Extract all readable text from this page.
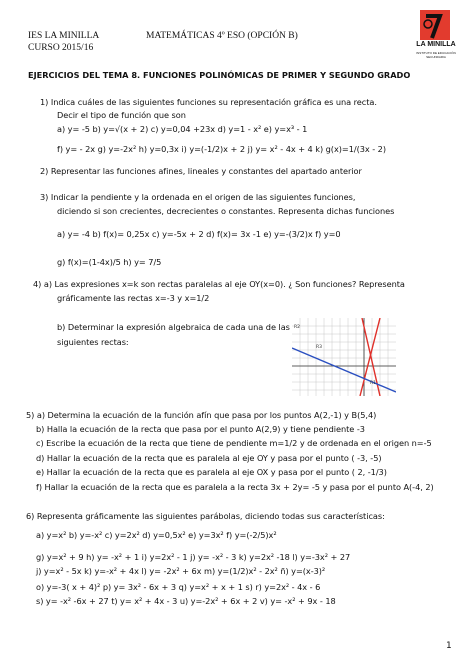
IES LA MINILLA
CURSO 2015/16
MATEMÁTICAS 4º ESO (OPCIÓN B)
LA MINILLA
INSTITUTO DE EDUCACIÓN SECUNDARIA
EJERCICIOS DEL TEMA 8. FUNCIONES POLINÓMICAS DE PRIMER Y SEGUNDO GRADO
1) Indica cuáles de las siguientes funciones su representación gráfica es una recta.
Decir el tipo de función que son
a) y= -5 b) y=√(x + 2) c) y=0,04 +23x d) y=1 - x² e) y=x³ - 1
f) y= - 2x g) y=-2x² h) y=0,3x i) y=(-1/2)x + 2 j) y= x² - 4x + 4 k) g(x)=1/(3x - 2)
2) Representar las funciones afines, lineales y constantes del apartado anterior
3) Indicar la pendiente y la ordenada en el origen de las siguientes funciones,
diciendo si son crecientes, decrecientes o constantes. Representa dichas funciones
a) y= -4 b) f(x)= 0,25x c) y=-5x + 2 d) f(x)= 3x -1 e) y=-(3/2)x f) y=0
g) f(x)=(1-4x)/5 h) y= 7/5
4) a) Las expresiones x=k son rectas paralelas al eje OY(x=0). ¿ Son funciones? Representa
gráficamente las rectas x=-3 y x=1/2
b) Determinar la expresión algebraica de cada una de las
siguientes rectas:
R2
R3
R1
5) a) Determina la ecuación de la función afín que pasa por los puntos A(2,-1) y B(5,4)
b) Halla la ecuación de la recta que pasa por el punto A(2,9) y tiene pendiente -3
c) Escribe la ecuación de la recta que tiene de pendiente m=1/2 y de ordenada en el origen n=-5
d) Hallar la ecuación de la recta que es paralela al eje OY y pasa por el punto ( -3, -5)
e) Hallar la ecuación de la recta que es paralela al eje OX y pasa por el punto ( 2, -1/3)
f) Hallar la ecuación de la recta que es paralela a la recta 3x + 2y= -5 y pasa por el punto A(-4, 2)
6) Representa gráficamente las siguientes parábolas, diciendo todas sus características:
a) y=x² b) y=-x² c) y=2x² d) y=0,5x² e) y=3x² f) y=(-2/5)x²
g) y=x² + 9 h) y= -x² + 1 i) y=2x² - 1 j) y= -x² - 3 k) y=2x² -18 l) y=-3x² + 27
j) y=x² - 5x k) y=-x² + 4x l) y= -2x² + 6x m) y=(1/2)x² - 2x² ñ) y=(x-3)²
o) y=-3( x + 4)² p) y= 3x² - 6x + 3 q) y=x² + x + 1 s) r) y=2x² - 4x - 6
s) y= -x² -6x + 27 t) y= x² + 4x - 3 u) y=-2x² + 6x + 2 v) y= -x² + 9x - 18
1
